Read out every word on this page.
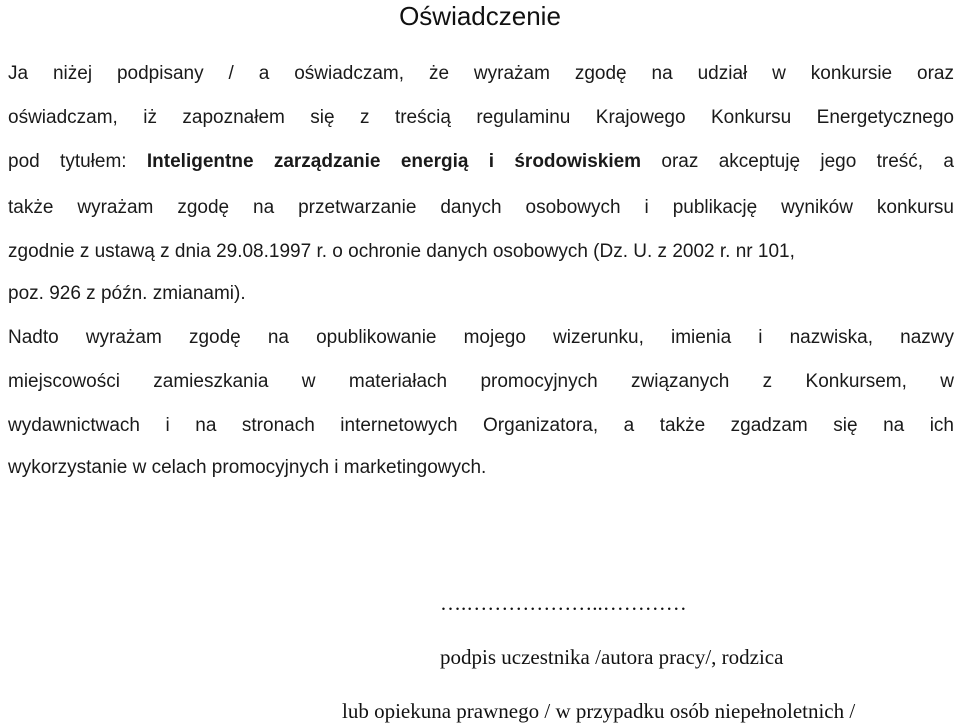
Oświadczenie
Ja niżej podpisany / a oświadczam, że wyrażam zgodę na udział w konkursie oraz
oświadczam, iż zapoznałem się z treścią regulaminu Krajowego Konkursu Energetycznego
pod tytułem: Inteligentne zarządzanie energią i środowiskiem oraz akceptuję jego treść, a
także wyrażam zgodę na przetwarzanie danych osobowych i publikację wyników konkursu
zgodnie z ustawą z dnia 29.08.1997 r. o ochronie danych osobowych (Dz. U. z 2002 r. nr 101,
poz. 926 z późn. zmianami).
Nadto wyrażam zgodę na opublikowanie mojego wizerunku, imienia i nazwiska, nazwy
miejscowości zamieszkania w materiałach promocyjnych związanych z Konkursem, w
wydawnictwach i na stronach internetowych Organizatora, a także zgadzam się na ich
wykorzystanie w celach promocyjnych i marketingowych.
….………………..…………
podpis uczestnika /autora pracy/, rodzica
lub opiekuna prawnego / w przypadku osób niepełnoletnich /
